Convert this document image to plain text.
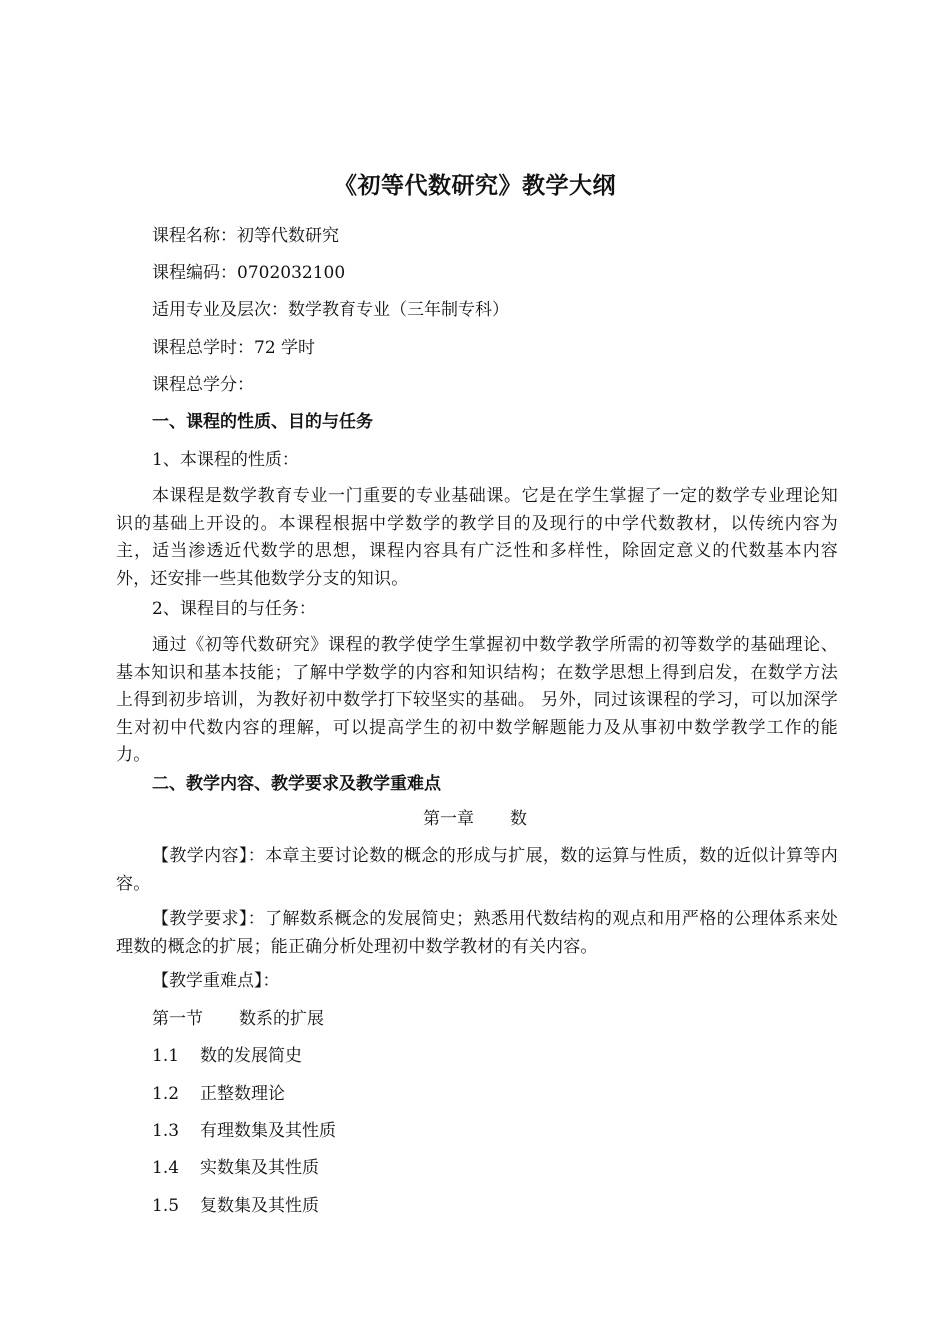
《初等代数研究》教学大纲
课程名称：初等代数研究
课程编码：0702032100
适用专业及层次：数学教育专业（三年制专科）
课程总学时：72 学时
课程总学分：
一、课程的性质、目的与任务
1、本课程的性质：
本课程是数学教育专业一门重要的专业基础课。它是在学生掌握了一定的数学专业理论知识的基础上开设的。本课程根据中学数学的教学目的及现行的中学代数教材，以传统内容为主，适当渗透近代数学的思想，课程内容具有广泛性和多样性，除固定意义的代数基本内容外，还安排一些其他数学分支的知识。
2、课程目的与任务：
通过《初等代数研究》课程的教学使学生掌握初中数学教学所需的初等数学的基础理论、基本知识和基本技能；了解中学数学的内容和知识结构；在数学思想上得到启发，在数学方法上得到初步培训，为教好初中数学打下较坚实的基础。 另外，同过该课程的学习，可以加深学生对初中代数内容的理解，可以提高学生的初中数学解题能力及从事初中数学教学工作的能力。
二、教学内容、教学要求及教学重难点
第一章 数
【教学内容】：本章主要讨论数的概念的形成与扩展，数的运算与性质，数的近似计算等内容。
【教学要求】：了解数系概念的发展简史；熟悉用代数结构的观点和用严格的公理体系来处理数的概念的扩展；能正确分析处理初中数学教材的有关内容。
【教学重难点】：
第一节 数系的扩展
1.1 数的发展简史
1.2 正整数理论
1.3 有理数集及其性质
1.4 实数集及其性质
1.5 复数集及其性质
